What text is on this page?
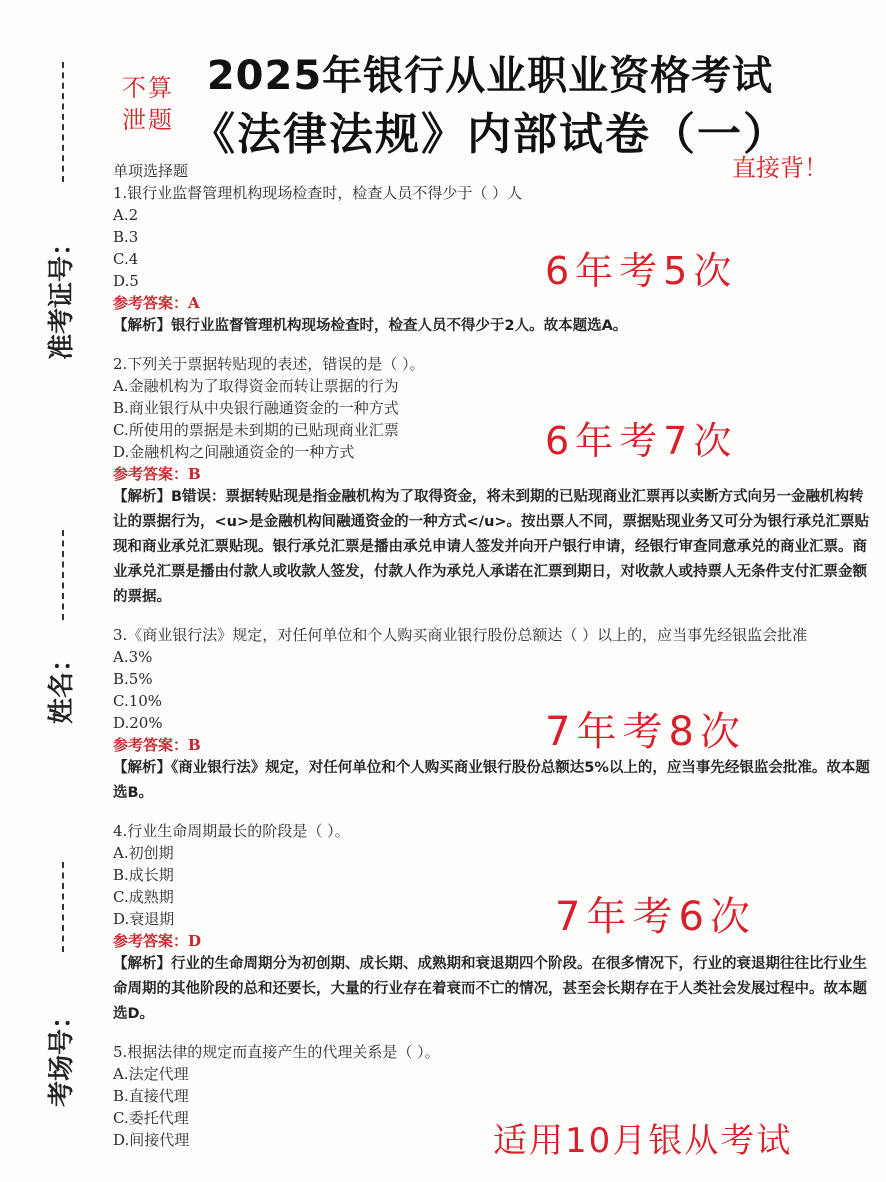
准考证号：
姓名：
考场号：
2025年银行从业职业资格考试
《法律法规》内部试卷（一）
不算泄题
直接背！
6年考5次
6年考7次
7年考8次
7年考6次
适用10月银从考试

单项选择题

1.银行业监督管理机构现场检查时，检查人员不得少于（ ）人

A.2

B.3

C.4

D.5

参考答案：A

【解析】银行业监督管理机构现场检查时，检查人员不得少于2人。故本题选A。

2.下列关于票据转贴现的表述，错误的是（ ）。

A.金融机构为了取得资金而转让票据的行为

B.商业银行从中央银行融通资金的一种方式

C.所使用的票据是未到期的已贴现商业汇票

D.金融机构之间融通资金的一种方式

参考答案：B

【解析】B错误：票据转贴现是指金融机构为了取得资金，将未到期的已贴现商业汇票再以卖断方式向另一金融机构转让的票据行为，<u>是金融机构间融通资金的一种方式</u>。按出票人不同，票据贴现业务又可分为银行承兑汇票贴现和商业承兑汇票贴现。银行承兑汇票是播由承兑申请人签发并向开户银行申请，经银行审查同意承兑的商业汇票。商业承兑汇票是播由付款人或收款人签发，付款人作为承兑人承诺在汇票到期日，对收款人或持票人无条件支付汇票金额的票据。

3.《商业银行法》规定，对任何单位和个人购买商业银行股份总额达（ ）以上的，应当事先经银监会批准

A.3%

B.5%

C.10%

D.20%

参考答案：B

【解析】《商业银行法》规定，对任何单位和个人购买商业银行股份总额达5%以上的，应当事先经银监会批准。故本题选B。

4.行业生命周期最长的阶段是（ ）。

A.初创期

B.成长期

C.成熟期

D.衰退期

参考答案：D

【解析】行业的生命周期分为初创期、成长期、成熟期和衰退期四个阶段。在很多情况下，行业的衰退期往往比行业生命周期的其他阶段的总和还要长，大量的行业存在着衰而不亡的情况，甚至会长期存在于人类社会发展过程中。故本题选D。

5.根据法律的规定而直接产生的代理关系是（ ）。

A.法定代理

B.直接代理

C.委托代理

D.间接代理
